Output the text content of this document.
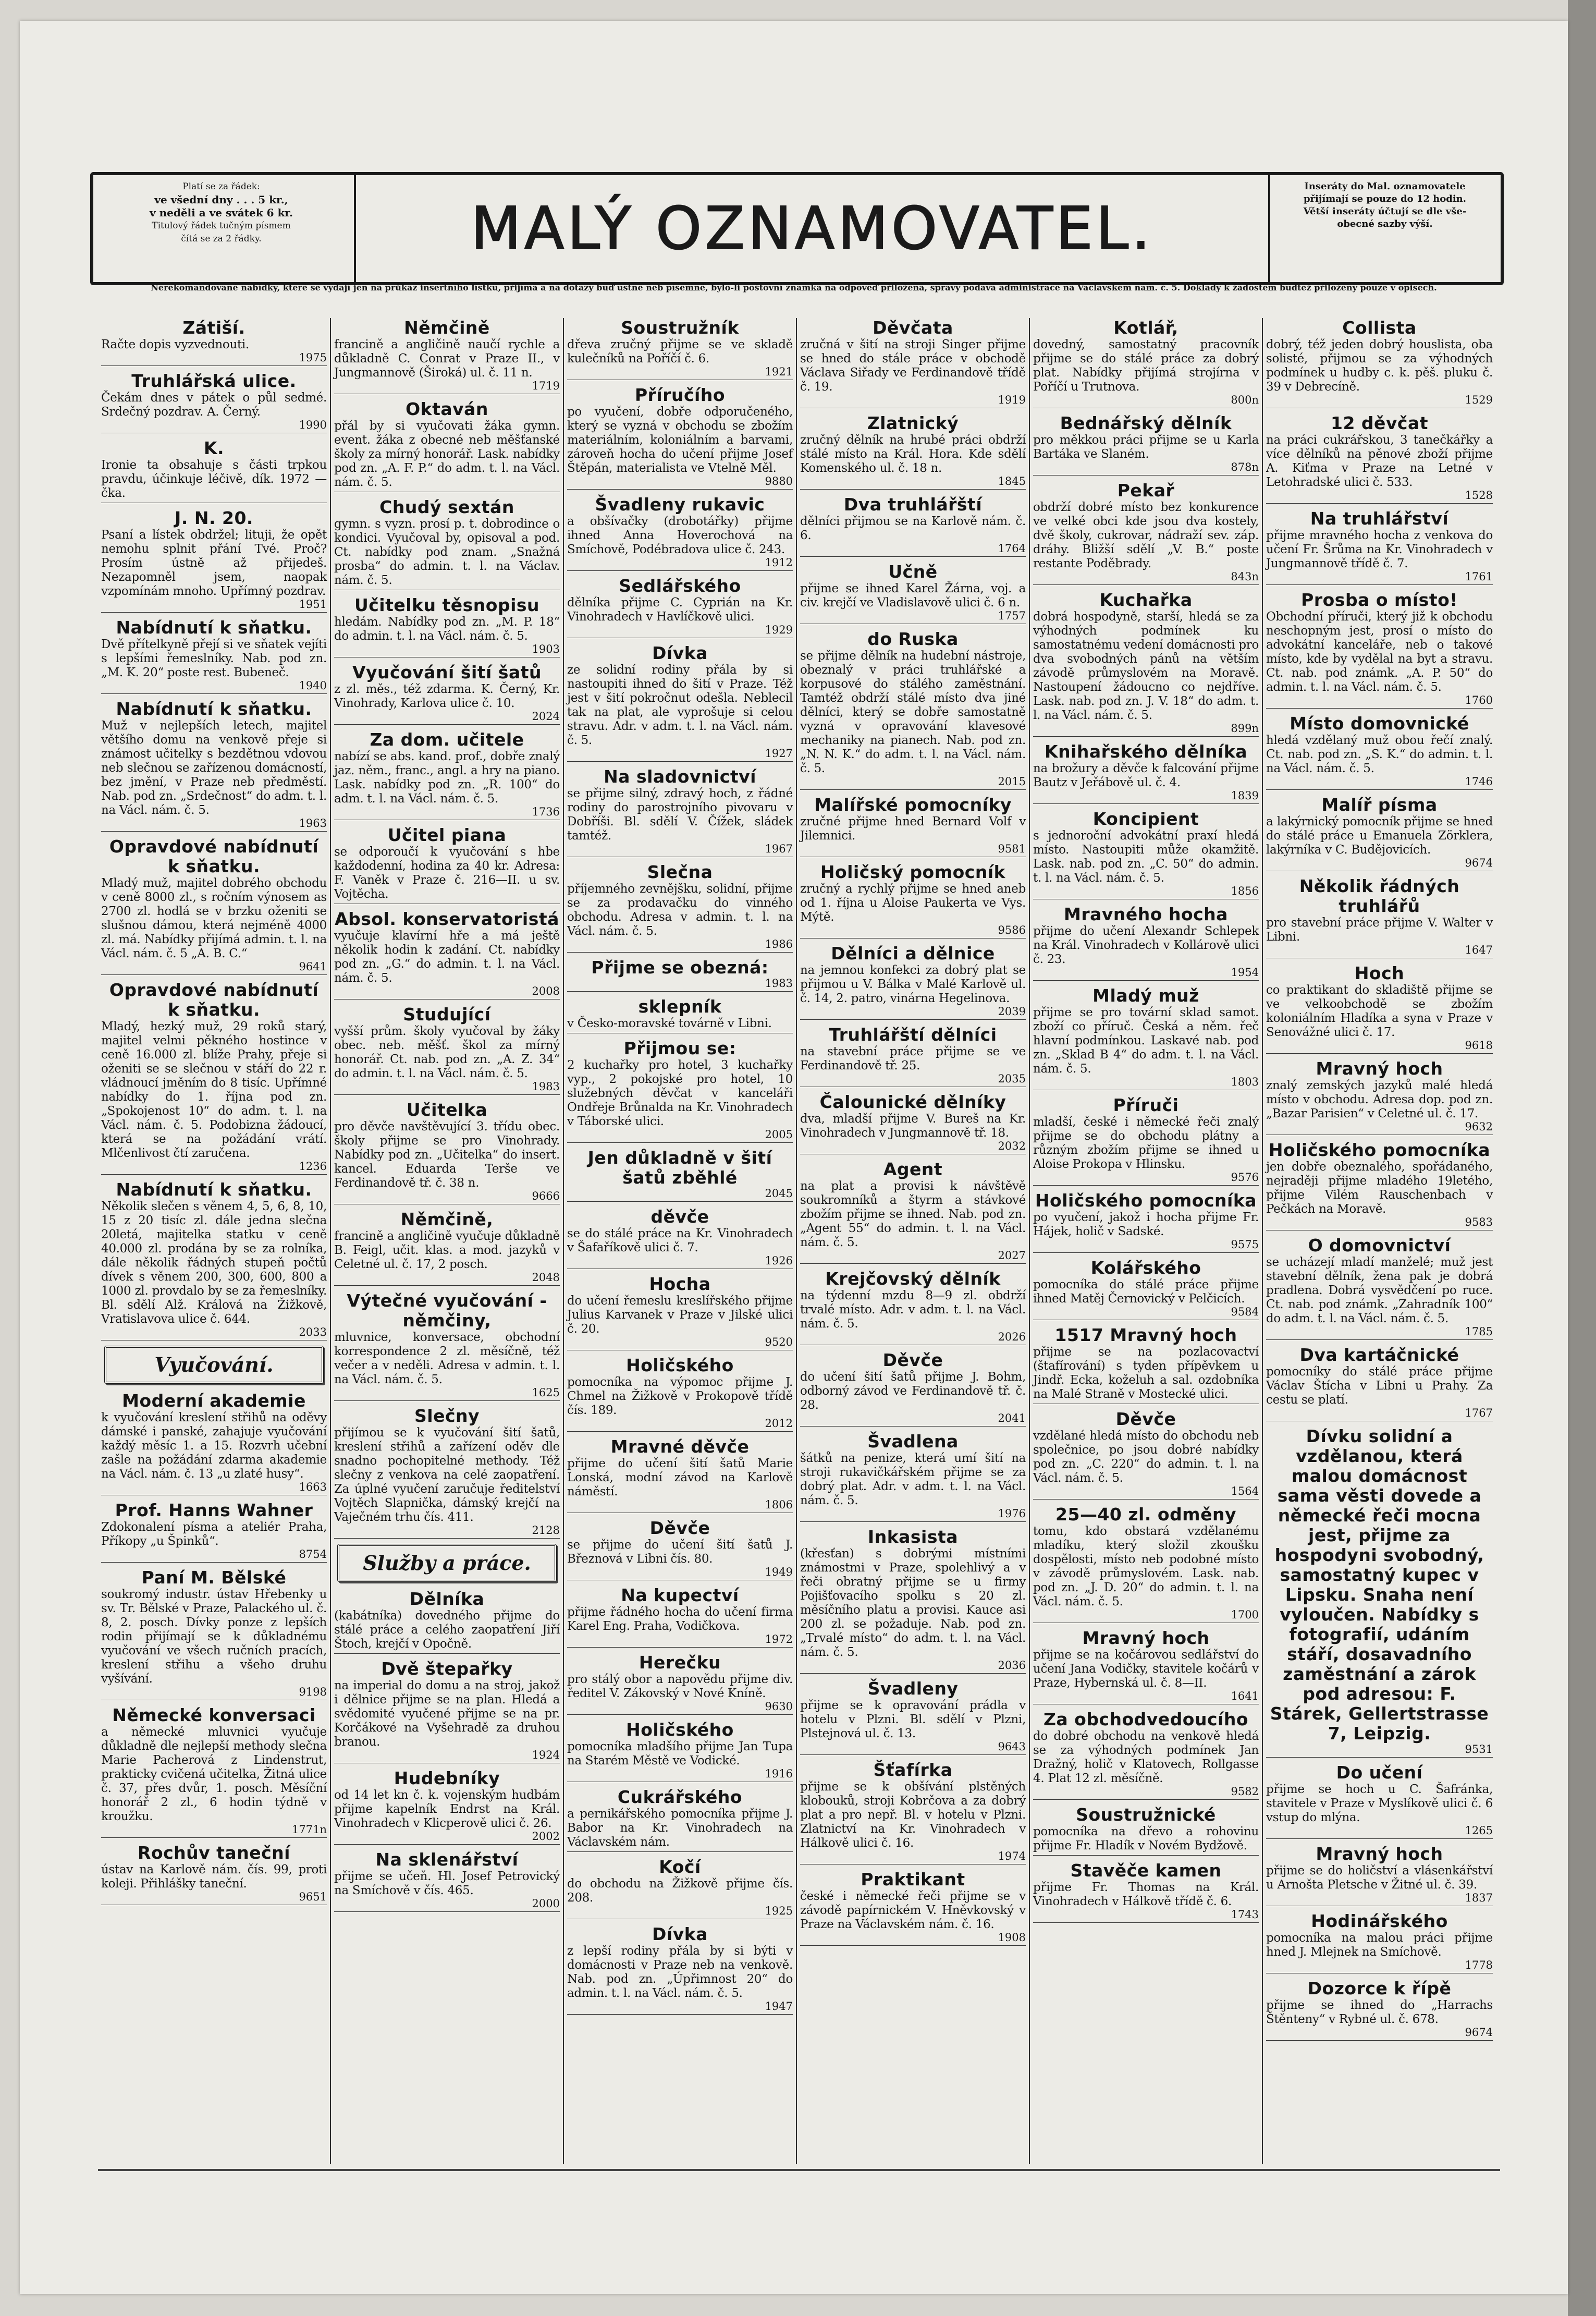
Platí se za řádek:
ve všední dny . . . 5 kr.,
v neděli a ve svátek 6 kr.
Titulový řádek tučným písmem
čítá se za 2 řádky.	MALÝ OZNAMOVATEL.
Inseráty do Mal. oznamovatele
přijímají se pouze do 12 hodin.
Větší inseráty účtují se dle vše-
obecné sazby výší.
Nerekomandované nabídky, které se vydají jen na průkaz insertního lístku, přijímá a na dotazy buď ústně neb písemně, bylo-li poštovní známka na odpověď přiložena, správy podává administrace na Václavském nám. č. 5. Doklady k žádostem budtež přiloženy pouze v opisech.
Zátiší.

Račte dopis vyzvednouti.

1975
Truhlářská ulice.

Čekám dnes v pátek o půl sedmé. Srdečný pozdrav. A. Černý.

1990
K.

Ironie ta obsahuje s části trpkou pravdu, účinkuje léčivě, dík. 1972 —čka.

J. N. 20.

Psaní a lístek obdržel; lituji, že opět nemohu splnit přání Tvé. Proč? Prosím ústně až přijedeš. Nezapomněl jsem, naopak vzpomínám mnoho. Upřímný pozdrav.

1951
Nabídnutí k sňatku.

Dvě přítelkyně přejí si ve sňatek vejíti s lepšími řemeslníky. Nab. pod zn. „M. K. 20“ poste rest. Bubeneč.

1940
Nabídnutí k sňatku.

Muž v nejlepších letech, majitel většího domu na venkově přeje si známost učitelky s bezdětnou vdovou neb slečnou se zařízenou domácností, bez jmění, v Praze neb předměstí. Nab. pod zn. „Srdečnost“ do adm. t. l. na Václ. nám. č. 5.

1963
Opravdové nabídnutí k sňatku.

Mladý muž, majitel dobrého obchodu v ceně 8000 zl., s ročním výnosem as 2700 zl. hodlá se v brzku oženiti se slušnou dámou, která nejméně 4000 zl. má. Nabídky přijímá admin. t. l. na Václ. nám. č. 5 „A. B. C.“

9641
Opravdové nabídnutí k sňatku.

Mladý, hezký muž, 29 roků starý, majitel velmi pěkného hostince v ceně 16.000 zl. blíže Prahy, přeje si oženiti se se slečnou v stáří do 22 r. vládnoucí jměním do 8 tisíc. Upřímné nabídky do 1. října pod zn. „Spokojenost 10“ do adm. t. l. na Václ. nám. č. 5. Podobizna žádoucí, která se na požádání vrátí. Mlčenlivost čtí zaručena.

1236
Nabídnutí k sňatku.

Několik slečen s věnem 4, 5, 6, 8, 10, 15 z 20 tisíc zl. dále jedna slečna 20letá, majitelka statku v ceně 40.000 zl. prodána by se za rolníka, dále několik řádných stupeň počtů dívek s věnem 200, 300, 600, 800 a 1000 zl. provdalo by se za řemeslníky. Bl. sdělí Alž. Králová na Žižkově, Vratislavova ulice č. 644.

2033
Vyučování.
Moderní akademie

k vyučování kreslení střihů na oděvy dámské i panské, zahajuje vyučování každý měsíc 1. a 15. Rozvrh učební zašle na požádání zdarma akademie na Václ. nám. č. 13 „u zlaté husy“.

1663
Prof. Hanns Wahner

Zdokonalení písma a ateliér Praha, Příkopy „u Špinků“.

8754
Paní M. Bělské

soukromý industr. ústav Hřebenky u sv. Tr. Bělské v Praze, Palackého ul. č. 8, 2. posch. Dívky ponze z lepších rodin přijímají se k důkladnému vyučování ve všech ručních pracích, kreslení střihu a všeho druhu vyšívání.

9198
Německé konversaci

a německé mluvnici vyučuje důkladně dle nejlepší methody slečna Marie Pacherová z Lindenstrut, prakticky cvičená učitelka, Žitná ulice č. 37, přes dvůr, 1. posch. Měsíční honorář 2 zl., 6 hodin týdně v kroužku.

1771n
Rochův taneční

ústav na Karlově nám. čís. 99, proti koleji. Přihlášky taneční.

9651
Němčině

francině a angličině naučí rychle a důkladně C. Conrat v Praze II., v Jungmannově (Široká) ul. č. 11 n.

1719
Oktaván

přál by si vyučovati žáka gymn. event. žáka z obecné neb měšťanské školy za mírný honorář. Lask. nabídky pod zn. „A. F. P.“ do adm. t. l. na Václ. nám. č. 5.

Chudý sextán

gymn. s vyzn. prosí p. t. dobrodince o kondici. Vyučoval by, opisoval a pod. Ct. nabídky pod znam. „Snažná prosba“ do admin. t. l. na Václav. nám. č. 5.

Učitelku těsnopisu

hledám. Nabídky pod zn. „M. P. 18“ do admin. t. l. na Václ. nám. č. 5.

1903
Vyučování šití šatů

z zl. měs., též zdarma. K. Černý, Kr. Vinohrady, Karlova ulice č. 10.

2024
Za dom. učitele

nabízí se abs. kand. prof., dobře znalý jaz. něm., franc., angl. a hry na piano. Lask. nabídky pod zn. „R. 100“ do adm. t. l. na Václ. nám. č. 5.

1736
Učitel piana

se odporoučí k vyučování s hbe každodenní, hodina za 40 kr. Adresa: F. Vaněk v Praze č. 216—II. u sv. Vojtěcha.

Absol. konservatoristá

vyučuje klavírní hře a má ještě několik hodin k zadání. Ct. nabídky pod zn. „G.“ do admin. t. l. na Václ. nám. č. 5.

2008
Studující

vyšší prům. školy vyučoval by žáky obec. neb. měšť. škol za mírný honorář. Ct. nab. pod zn. „A. Z. 34“ do admin. t. l. na Václ. nám. č. 5.

1983
Učitelka

pro děvče navštěvující 3. třídu obec. školy přijme se pro Vinohrady. Nabídky pod zn. „Učitelka“ do insert. kancel. Eduarda Terše ve Ferdinandově tř. č. 38 n.

9666
Němčině,

francině a angličině vyučuje důkladně B. Feigl, učit. klas. a mod. jazyků v Celetné ul. č. 17, 2 posch.

2048
Výtečné vyučování -němčiny,

mluvnice, konversace, obchodní korrespondence 2 zl. měsíčně, též večer a v neděli. Adresa v admin. t. l. na Václ. nám. č. 5.

1625
Slečny

přijímou se k vyučování šití šatů, kreslení střihů a zařízení oděv dle snadno pochopitelné methody. Též slečny z venkova na celé zaopatření. Za úplné vyučení zaručuje ředitelství Vojtěch Slapnička, dámský krejčí na Vaječném trhu čís. 411.

2128
Služby a práce.
Dělníka

(kabátníka) dovedného přijme do stálé práce a celého zaopatření Jiří Štoch, krejčí v Opočně.

Dvě štepařky

na imperial do domu a na stroj, jakož i dělnice přijme se na plan. Hledá a svědomité vyučené přijme se na pr. Korčákové na Vyšehradě za druhou branou.

1924
Hudebníky

od 14 let kn č. k. vojenským hudbám přijme kapelník Endrst na Král. Vinohradech v Klicperově ulici č. 26.

2002
Na sklenářství

přijme se učeň. Hl. Josef Petrovický na Smíchově v čís. 465.

2000
Soustružník

dřeva zručný přijme se ve skladě kulečníků na Poříčí č. 6.

1921
Příručího

po vyučení, dobře odporučeného, který se vyzná v obchodu se zbožím materiálním, koloniálním a barvami, zároveň hocha do učení přijme Josef Štěpán, materialista ve Vtelně Měl.

9880
Švadleny rukavic

a obšívačky (drobotářky) přijme ihned Anna Hoverochová na Smíchově, Podébradova ulice č. 243.

1912
Sedlářského

dělníka přijme C. Cyprián na Kr. Vinohradech v Havlíčkově ulici.

1929
Dívka

ze solidní rodiny přála by si nastoupiti ihned do šití v Praze. Též jest v šití pokročnut odešla. Neblecil tak na plat, ale vyprošuje si celou stravu. Adr. v adm. t. l. na Václ. nám. č. 5.

1927
Na sladovnictví

se přijme silný, zdravý hoch, z řádné rodiny do parostrojního pivovaru v Dobříši. Bl. sdělí V. Čížek, sládek tamtéž.

1967
Slečna

příjemného zevnějšku, solidní, přijme se za prodavačku do vinného obchodu. Adresa v admin. t. l. na Václ. nám. č. 5.

1986
Přijme se obezná:
1983
sklepník

v Česko-moravské továrně v Libni.

Přijmou se:

2 kuchařky pro hotel, 3 kuchařky vyp., 2 pokojské pro hotel, 10 služebných děvčat v kanceláři Ondřeje Brůnalda na Kr. Vinohradech v Táborské ulici.

2005
Jen důkladně v šití šatů zběhlé
2045
děvče

se do stálé práce na Kr. Vinohradech v Šafaříkově ulici č. 7.

1926
Hocha

do učení řemeslu kreslířského přijme Julius Karvanek v Praze v Jilské ulici č. 20.

9520
Holičského

pomocníka na výpomoc přijme J. Chmel na Žižkově v Prokopově třídě čís. 189.

2012
Mravné děvče

přijme do učení šití šatů Marie Lonská, modní závod na Karlově náměstí.

1806
Děvče

se přijme do učení šití šatů J. Březnová v Libni čís. 80.

1949
Na kupectví

přijme řádného hocha do učení firma Karel Eng. Praha, Vodičkova.

1972
Herečku

pro stálý obor a napovědu přijme div. ředitel V. Zákovský v Nové Kníně.

9630
Holičského

pomocníka mladšího přijme Jan Tupa na Starém Městě ve Vodické.

1916
Cukrářského

a pernikářského pomocníka přijme J. Babor na Kr. Vinohradech na Václavském nám.

Kočí

do obchodu na Žižkově přijme čís. 208.

1925
Dívka

z lepší rodiny přála by si býti v domácnosti v Praze neb na venkově. Nab. pod zn. „Úpřimnost 20“ do admin. t. l. na Václ. nám. č. 5.

1947
Děvčata

zručná v šití na stroji Singer přijme se hned do stále práce v obchodě Václava Siřady ve Ferdinandově třídě č. 19.

1919
Zlatnický

zručný dělník na hrubé práci obdrží stálé místo na Král. Hora. Kde sdělí Komenského ul. č. 18 n.

1845
Dva truhlářští

dělníci přijmou se na Karlově nám. č. 6.

1764
Učně

přijme se ihned Karel Žárna, voj. a civ. krejčí ve Vladislavově ulici č. 6 n.

1757
do Ruska

se přijme dělník na hudební nástroje, obeznalý v práci truhlářské a korpusové do stálého zaměstnání. Tamtéž obdrží stálé místo dva jiné dělníci, který se dobře samostatně vyzná v opravování klavesové mechaniky na pianech. Nab. pod zn. „N. N. K.“ do adm. t. l. na Václ. nám. č. 5.

2015
Malířské pomocníky

zručné přijme hned Bernard Volf v Jilemnici.

9581
Holičský pomocník

zručný a rychlý přijme se hned aneb od 1. října u Aloise Paukerta ve Vys. Mýtě.

9586
Dělníci a dělnice

na jemnou konfekci za dobrý plat se přijmou u V. Bálka v Malé Karlově ul. č. 14, 2. patro, vinárna Hegelinova.

2039
Truhlářští dělníci

na stavební práce přijme se ve Ferdinandově tř. 25.

2035
Čalounické dělníky

dva, mladší přijme V. Bureš na Kr. Vinohradech v Jungmannově tř. 18.

2032
Agent

na plat a provisi k návštěvě soukromníků a štyrm a stávkové zbožím přijme se ihned. Nab. pod zn. „Agent 55“ do admin. t. l. na Václ. nám. č. 5.

2027
Krejčovský dělník

na týdenní mzdu 8—9 zl. obdrží trvalé místo. Adr. v adm. t. l. na Václ. nám. č. 5.

2026
Děvče

do učení šití šatů přijme J. Bohm, odborný závod ve Ferdinandově tř. č. 28.

2041
Švadlena

šátků na penize, která umí šití na stroji rukavičkářském přijme se za dobrý plat. Adr. v adm. t. l. na Václ. nám. č. 5.

1976
Inkasista

(křesťan) s dobrými místními známostmi v Praze, spolehlivý a v řeči obratný přijme se u firmy Pojišťovacího spolku s 20 zl. měsíčního platu a provisi. Kauce asi 200 zl. se požaduje. Nab. pod zn. „Trvalé místo“ do adm. t. l. na Václ. nám. č. 5.

2036
Švadleny

přijme se k opravování prádla v hotelu v Plzni. Bl. sdělí v Plzni, Plstejnová ul. č. 13.

9643
Šťafírka

přijme se k obšívání plstěných klobouků, stroji Kobrčova a za dobrý plat a pro nepř. Bl. v hotelu v Plzni. Zlatnictví na Kr. Vinohradech v Hálkově ulici č. 16.

1974
Praktikant

české i německé řeči přijme se v závodě papírnickém V. Hněvkovský v Praze na Václavském nám. č. 16.

1908
Kotlář,

dovedný, samostatný pracovník přijme se do stálé práce za dobrý plat. Nabídky přijímá strojírna v Poříčí u Trutnova.

800n
Bednářský dělník

pro měkkou práci přijme se u Karla Bartáka ve Slaném.

878n
Pekař

obdrží dobré místo bez konkurence ve velké obci kde jsou dva kostely, dvě školy, cukrovar, nádraží sev. záp. dráhy. Bližší sdělí „V. B.“ poste restante Poděbrady.

843n
Kuchařka

dobrá hospodyně, starší, hledá se za výhodných podmínek ku samostatnému vedení domácnosti pro dva svobodných pánů na větším závodě průmyslovém na Moravě. Nastoupení žádoucno co nejdříve. Lask. nab. pod zn. J. V. 18“ do adm. t. l. na Václ. nám. č. 5.

899n
Knihařského dělníka

na brožury a děvče k falcování přijme Bautz v Jeřábově ul. č. 4.

1839
Koncipient

s jednoroční advokátní praxí hledá místo. Nastoupiti může okamžitě. Lask. nab. pod zn. „C. 50“ do admin. t. l. na Václ. nám. č. 5.

1856
Mravného hocha

přijme do učení Alexandr Schlepek na Král. Vinohradech v Kollárově ulici č. 23.

1954
Mladý muž

přijme se pro tovární sklad samot. zboží co příruč. Česká a něm. řeč hlavní podmínkou. Laskavé nab. pod zn. „Sklad B 4“ do adm. t. l. na Václ. nám. č. 5.

1803
Příruči

mladší, české i německé řeči znalý přijme se do obchodu plátny a různým zbožím přijme se ihned u Aloise Prokopa v Hlinsku.

9576
Holičského pomocníka

po vyučení, jakož i hocha přijme Fr. Hájek, holič v Sadské.

9575
Kolářského

pomocníka do stálé práce přijme ihned Matěj Černovický v Pelčicích.

9584
1517 Mravný hoch

přijme se na pozlacovactví (štafírování) s tyden přípěvkem u Jindř. Ecka, koželuh a sal. ozdobníka na Malé Straně v Mostecké ulici.

Děvče

vzdělané hledá místo do obchodu neb společnice, po jsou dobré nabídky pod zn. „C. 220“ do admin. t. l. na Václ. nám. č. 5.

1564
25—40 zl. odměny

tomu, kdo obstará vzdělanému mladíku, který složil zkoušku dospělosti, místo neb podobné místo v závodě průmyslovém. Lask. nab. pod zn. „J. D. 20“ do admin. t. l. na Václ. nám. č. 5.

1700
Mravný hoch

přijme se na kočárovou sedlářství do učení Jana Vodičky, stavitele kočárů v Praze, Hybernská ul. č. 8—II.

1641
Za obchodvedoucího

do dobré obchodu na venkově hledá se za výhodných podmínek Jan Dražný, holič v Klatovech, Rollgasse 4. Plat 12 zl. měsíčně.

9582
Soustružnické

pomocníka na dřevo a rohovinu přijme Fr. Hladík v Novém Bydžově.

Stavěče kamen

přijme Fr. Thomas na Král. Vinohradech v Hálkově třídě č. 6.

1743
Collista

dobrý, též jeden dobrý houslista, oba solisté, přijmou se za výhodných podmínek u hudby c. k. pěš. pluku č. 39 v Debrecíně.

1529
12 děvčat

na práci cukrářskou, 3 tanečkářky a více dělníků na pěnové zboží přijme A. Kiťma v Praze na Letné v Letohradské ulici č. 533.

1528
Na truhlářství

přijme mravného hocha z venkova do učení Fr. Šrůma na Kr. Vinohradech v Jungmannově třídě č. 7.

1761
Prosba o místo!

Obchodní příruči, který již k obchodu neschopným jest, prosí o místo do advokátní kanceláře, neb o takové místo, kde by vydělal na byt a stravu. Ct. nab. pod známk. „A. P. 50“ do admin. t. l. na Václ. nám. č. 5.

1760
Místo domovnické

hledá vzdělaný muž obou řečí znalý. Ct. nab. pod zn. „S. K.“ do admin. t. l. na Václ. nám. č. 5.

1746
Malíř písma

a lakýrnický pomocník přijme se hned do stálé práce u Emanuela Zörklera, lakýrníka v C. Budějovicích.

9674
Několik řádných truhlářů

pro stavební práce přijme V. Walter v Libni.

1647
Hoch

co praktikant do skladiště přijme se ve velkoobchodě se zbožím koloniálním Hladíka a syna v Praze v Senovážné ulici č. 17.

9618
Mravný hoch

znalý zemských jazyků malé hledá místo v obchodu. Adresa dop. pod zn. „Bazar Parisien“ v Celetné ul. č. 17.

9632
Holičského pomocníka

jen dobře obeznalého, spořádaného, nejraději přijme mladého 19letého, přijme Vilém Rauschenbach v Pečkách na Moravě.

9583
O domovnictví

se ucházejí mladí manželé; muž jest stavební dělník, žena pak je dobrá pradlena. Dobrá vysvědčení po ruce. Ct. nab. pod známk. „Zahradník 100“ do adm. t. l. na Václ. nám. č. 5.

1785
Dva kartáčnické

pomocníky do stálé práce přijme Václav Štícha v Libni u Prahy. Za cestu se platí.

1767
Dívku solidní a vzdělanou, která malou domácnost sama věsti dovede a německé řeči mocna jest, přijme za hospodyni svobodný, samostatný kupec v Lipsku. Snaha není vyloučen. Nabídky s fotografií, udáním stáří, dosavadního zaměstnání a zárok pod adresou: F. Stárek, Gellertstrasse 7, Leipzig.
9531
Do učení

přijme se hoch u C. Šafránka, stavitele v Praze v Myslíkově ulici č. 6 vstup do mlýna.

1265
Mravný hoch

přijme se do holičství a vlásenkářství u Arnošta Pletsche v Žitné ul. č. 39.

1837
Hodinářského

pomocníka na malou práci přijme hned J. Mlejnek na Smíchově.

1778
Dozorce k řípě

přijme se ihned do „Harrachs Štěnteny“ v Rybné ul. č. 678.

9674
